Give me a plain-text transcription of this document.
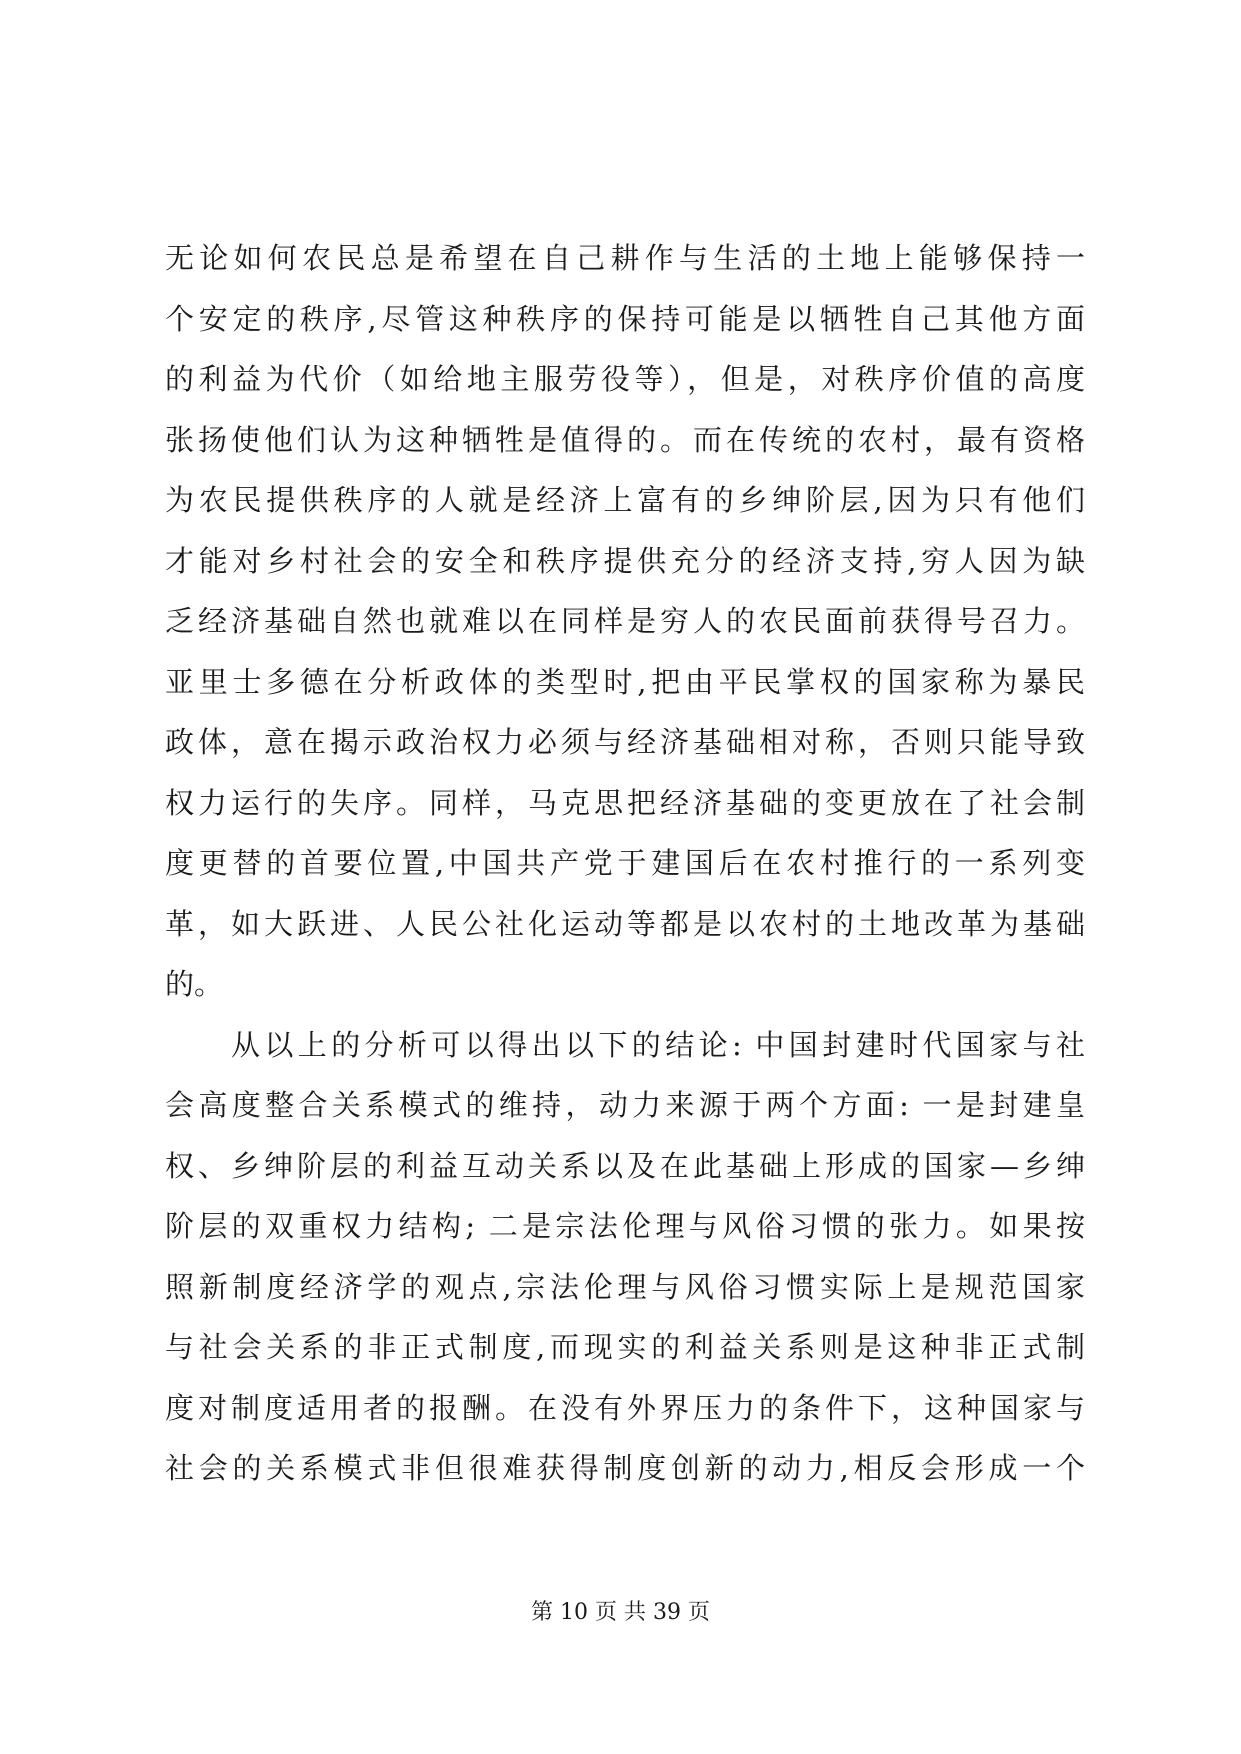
无论如何农民总是希望在自己耕作与生活的土地上能够保持一
个安定的秩序,尽管这种秩序的保持可能是以牺牲自己其他方面
的利益为代价（如给地主服劳役等），但是，对秩序价值的高度
张扬使他们认为这种牺牲是值得的。而在传统的农村，最有资格
为农民提供秩序的人就是经济上富有的乡绅阶层,因为只有他们
才能对乡村社会的安全和秩序提供充分的经济支持,穷人因为缺
乏经济基础自然也就难以在同样是穷人的农民面前获得号召力。
亚里士多德在分析政体的类型时,把由平民掌权的国家称为暴民
政体，意在揭示政治权力必须与经济基础相对称，否则只能导致
权力运行的失序。同样，马克思把经济基础的变更放在了社会制
度更替的首要位置,中国共产党于建国后在农村推行的一系列变
革，如大跃进、人民公社化运动等都是以农村的土地改革为基础
的。
从以上的分析可以得出以下的结论: 中国封建时代国家与社
会高度整合关系模式的维持，动力来源于两个方面: 一是封建皇
权、乡绅阶层的利益互动关系以及在此基础上形成的国家—乡绅
阶层的双重权力结构; 二是宗法伦理与风俗习惯的张力。如果按
照新制度经济学的观点,宗法伦理与风俗习惯实际上是规范国家
与社会关系的非正式制度,而现实的利益关系则是这种非正式制
度对制度适用者的报酬。在没有外界压力的条件下，这种国家与
社会的关系模式非但很难获得制度创新的动力,相反会形成一个
第 10 页 共 39 页
